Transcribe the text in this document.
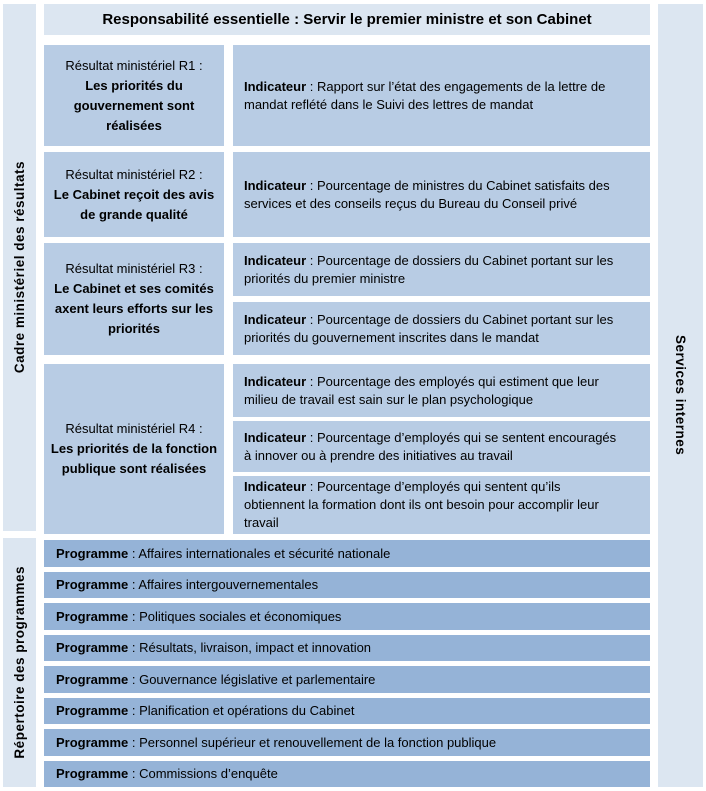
Cadre ministériel des résultats
Répertoire des programmes
Responsabilité essentielle : Servir le premier ministre et son Cabinet
Résultat ministériel R1 :
Les priorités du gouvernement sont réalisées

Indicateur : Rapport sur l’état des engagements de la lettre de mandat reflété dans le Suivi des lettres de mandat

Résultat ministériel R2 :
Le Cabinet reçoit des avis de grande qualité

Indicateur : Pourcentage de ministres du Cabinet satisfaits des services et des conseils reçus du Bureau du Conseil privé

Résultat ministériel R3 :
Le Cabinet et ses comités axent leurs efforts sur les priorités

Indicateur : Pourcentage de dossiers du Cabinet portant sur les priorités du premier ministre

Indicateur : Pourcentage de dossiers du Cabinet portant sur les priorités du gouvernement inscrites dans le mandat

Résultat ministériel R4 :
Les priorités de la fonction publique sont réalisées

Indicateur : Pourcentage des employés qui estiment que leur milieu de travail est sain sur le plan psychologique

Indicateur : Pourcentage d’employés qui se sentent encouragés à innover ou à prendre des initiatives au travail

Indicateur : Pourcentage d’employés qui sentent qu’ils obtiennent la formation dont ils ont besoin pour accomplir leur travail

Programme : Affaires internationales et sécurité nationale

Programme : Affaires intergouvernementales

Programme : Politiques sociales et économiques

Programme : Résultats, livraison, impact et innovation

Programme : Gouvernance législative et parlementaire

Programme : Planification et opérations du Cabinet

Programme : Personnel supérieur et renouvellement de la fonction publique

Programme : Commissions d’enquête

Services internes
